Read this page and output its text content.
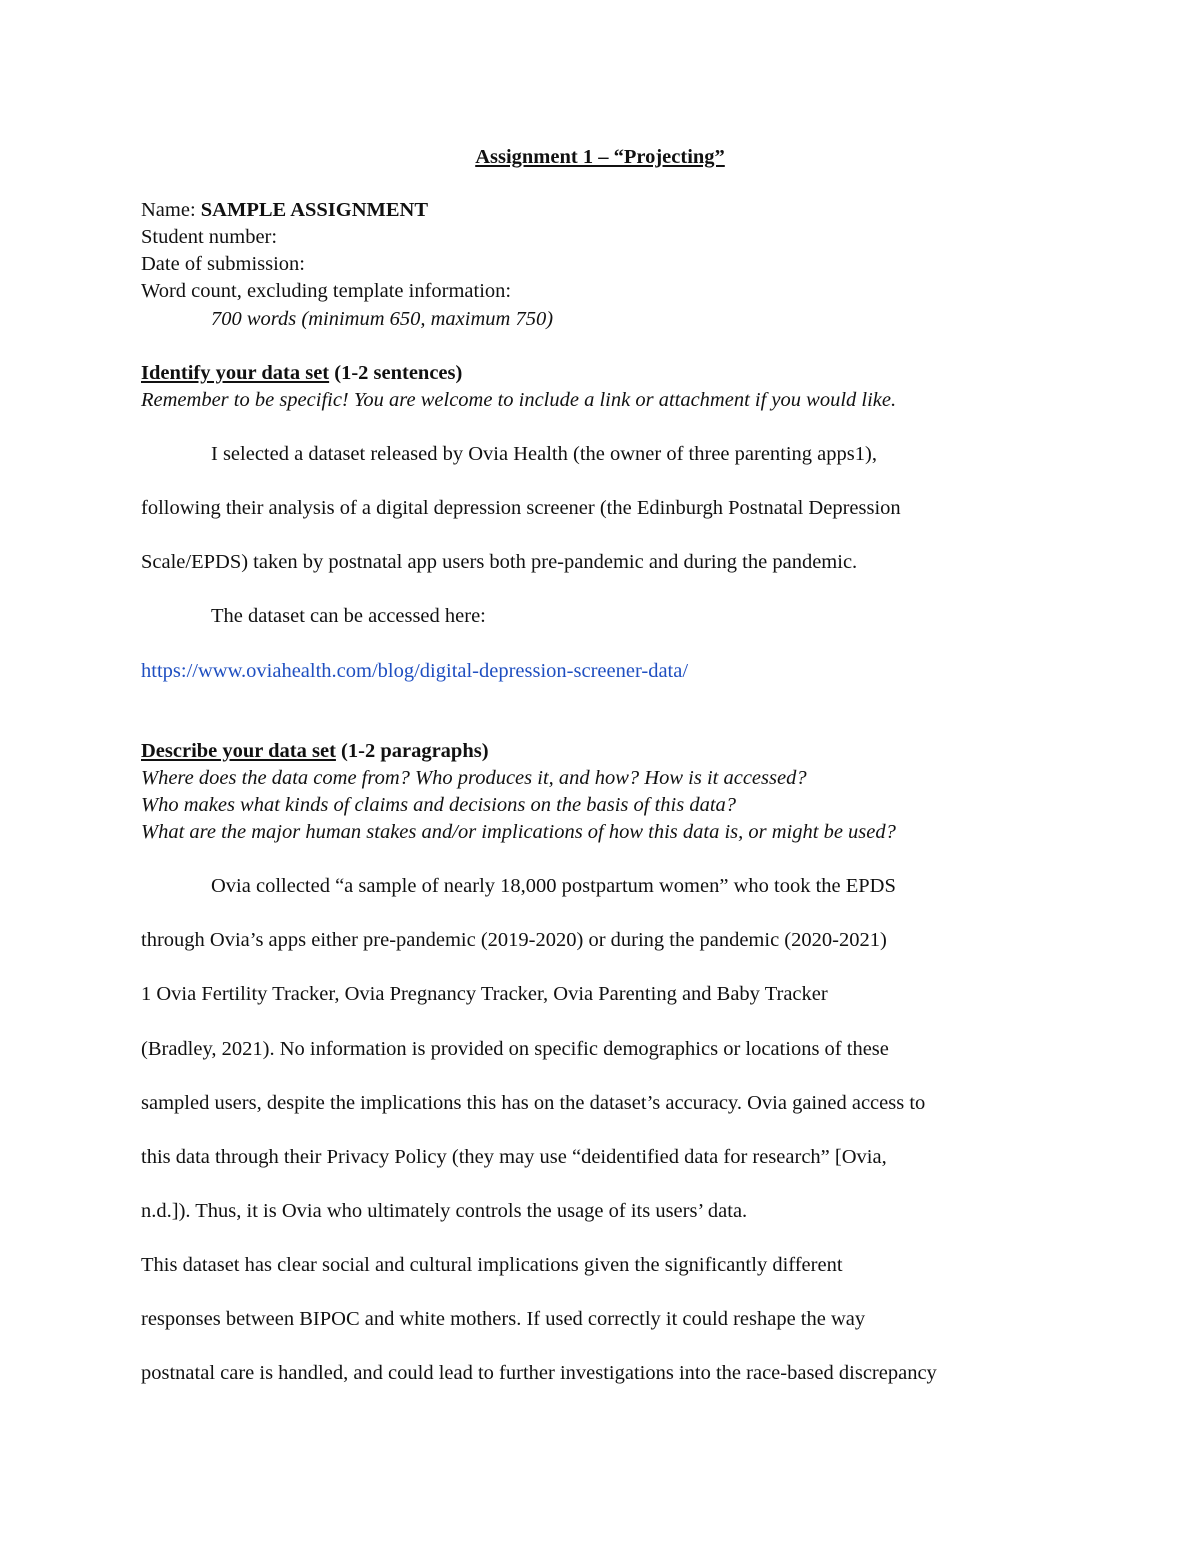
Assignment 1 – “Projecting”
Name: SAMPLE ASSIGNMENT
Student number:
Date of submission:
Word count, excluding template information:
700 words (minimum 650, maximum 750)
Identify your data set (1-2 sentences)
Remember to be specific! You are welcome to include a link or attachment if you would like.
I selected a dataset released by Ovia Health (the owner of three parenting apps1),
following their analysis of a digital depression screener (the Edinburgh Postnatal Depression
Scale/EPDS) taken by postnatal app users both pre-pandemic and during the pandemic.
The dataset can be accessed here:
https://www.oviahealth.com/blog/digital-depression-screener-data/
Describe your data set (1-2 paragraphs)
Where does the data come from? Who produces it, and how? How is it accessed?
Who makes what kinds of claims and decisions on the basis of this data?
What are the major human stakes and/or implications of how this data is, or might be used?
Ovia collected “a sample of nearly 18,000 postpartum women” who took the EPDS
through Ovia’s apps either pre-pandemic (2019-2020) or during the pandemic (2020-2021)
1 Ovia Fertility Tracker, Ovia Pregnancy Tracker, Ovia Parenting and Baby Tracker
(Bradley, 2021). No information is provided on specific demographics or locations of these
sampled users, despite the implications this has on the dataset’s accuracy. Ovia gained access to
this data through their Privacy Policy (they may use “deidentified data for research” [Ovia,
n.d.]). Thus, it is Ovia who ultimately controls the usage of its users’ data.
This dataset has clear social and cultural implications given the significantly different
responses between BIPOC and white mothers. If used correctly it could reshape the way
postnatal care is handled, and could lead to further investigations into the race-based discrepancy
